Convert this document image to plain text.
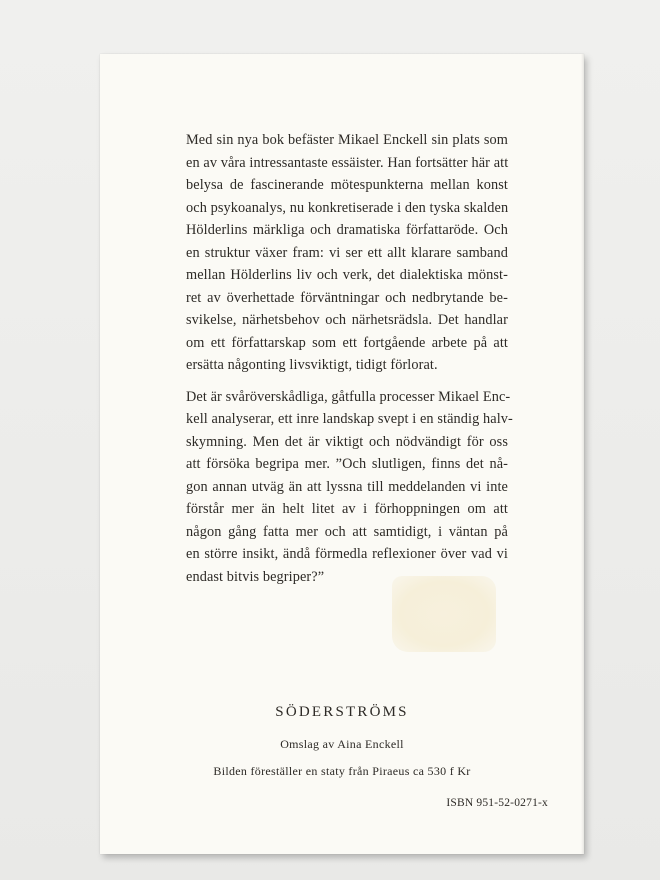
Med sin nya bok befäster Mikael Enckell sin plats som
en av våra intressantaste essäister. Han fortsätter här att
belysa de fascinerande mötespunkterna mellan konst
och psykoanalys, nu konkretiserade i den tyska skalden
Hölderlins märkliga och dramatiska författaröde. Och
en struktur växer fram: vi ser ett allt klarare samband
mellan Hölderlins liv och verk, det dialektiska mönst-
ret av överhettade förväntningar och nedbrytande be-
svikelse, närhetsbehov och närhetsrädsla. Det handlar
om ett författarskap som ett fortgående arbete på att
ersätta någonting livsviktigt, tidigt förlorat.
Det är svåröverskådliga, gåtfulla processer Mikael Enc-
kell analyserar, ett inre landskap svept i en ständig halv-
skymning. Men det är viktigt och nödvändigt för oss
att försöka begripa mer. ”Och slutligen, finns det nå-
gon annan utväg än att lyssna till meddelanden vi inte
förstår mer än helt litet av i förhoppningen om att
någon gång fatta mer och att samtidigt, i väntan på
en större insikt, ändå förmedla reflexioner över vad vi
endast bitvis begriper?”
SÖDERSTRÖMS
Omslag av Aina Enckell
Bilden föreställer en staty från Piraeus ca 530 f Kr
ISBN 951-52-0271-x
